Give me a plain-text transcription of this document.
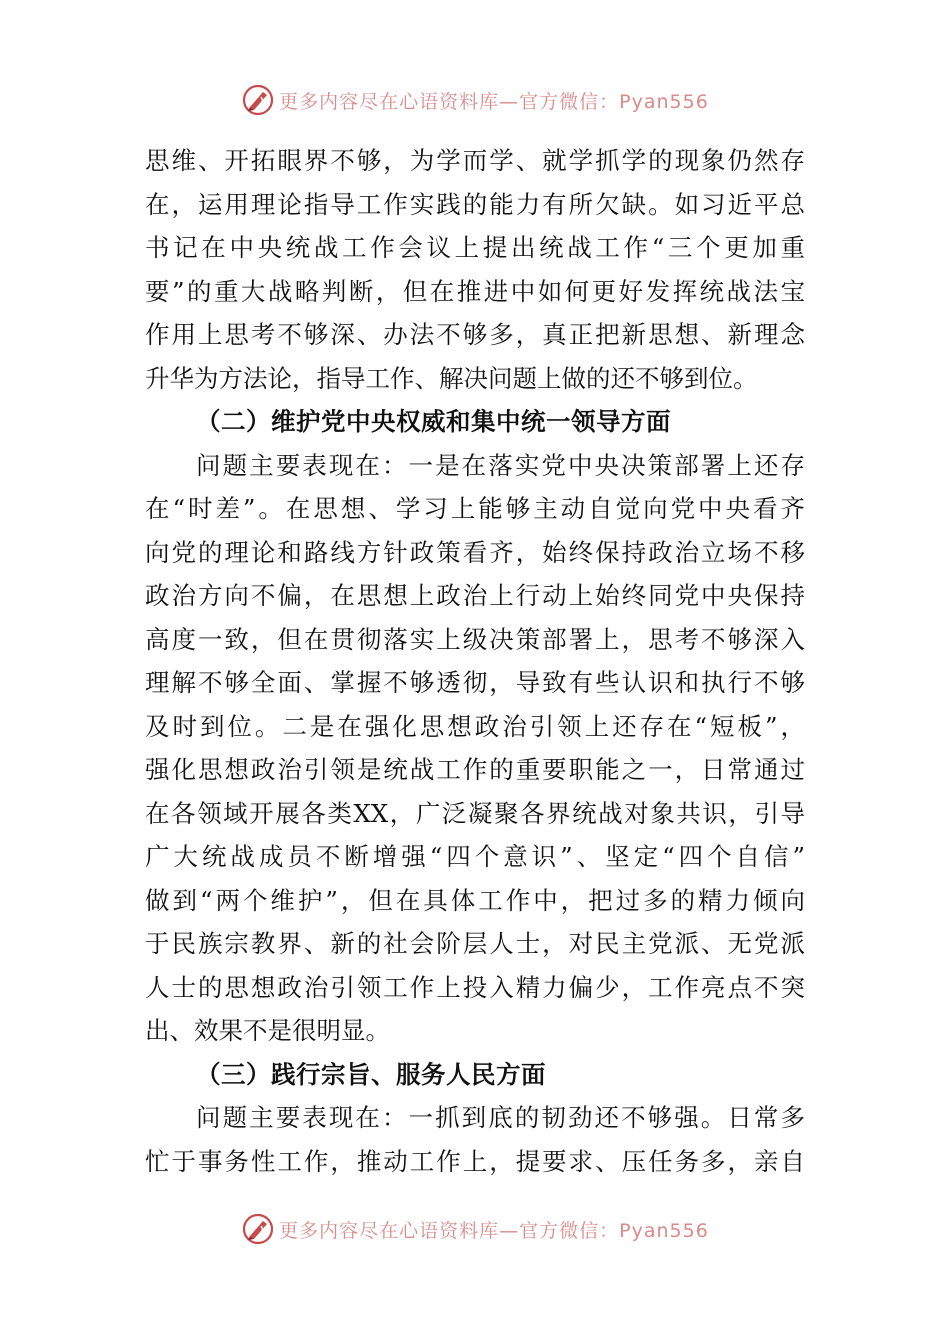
更多内容尽在心语资料库—官方微信：Pyan556
思维、开拓眼界不够，为学而学、就学抓学的现象仍然存
在，运用理论指导工作实践的能力有所欠缺。如习近平总
书记在中央统战工作会议上提出统战工作“三个更加重
要”的重大战略判断，但在推进中如何更好发挥统战法宝
作用上思考不够深、办法不够多，真正把新思想、新理念
升华为方法论，指导工作、解决问题上做的还不够到位。
（二）维护党中央权威和集中统一领导方面
问题主要表现在：一是在落实党中央决策部署上还存
在“时差”。在思想、学习上能够主动自觉向党中央看齐
向党的理论和路线方针政策看齐，始终保持政治立场不移
政治方向不偏，在思想上政治上行动上始终同党中央保持
高度一致，但在贯彻落实上级决策部署上，思考不够深入
理解不够全面、掌握不够透彻，导致有些认识和执行不够
及时到位。二是在强化思想政治引领上还存在“短板”，
强化思想政治引领是统战工作的重要职能之一，日常通过
在各领域开展各类XX，广泛凝聚各界统战对象共识，引导
广大统战成员不断增强“四个意识”、坚定“四个自信”
做到“两个维护”，但在具体工作中，把过多的精力倾向
于民族宗教界、新的社会阶层人士，对民主党派、无党派
人士的思想政治引领工作上投入精力偏少，工作亮点不突
出、效果不是很明显。
（三）践行宗旨、服务人民方面
问题主要表现在：一抓到底的韧劲还不够强。日常多
忙于事务性工作，推动工作上，提要求、压任务多，亲自
更多内容尽在心语资料库—官方微信：Pyan556
